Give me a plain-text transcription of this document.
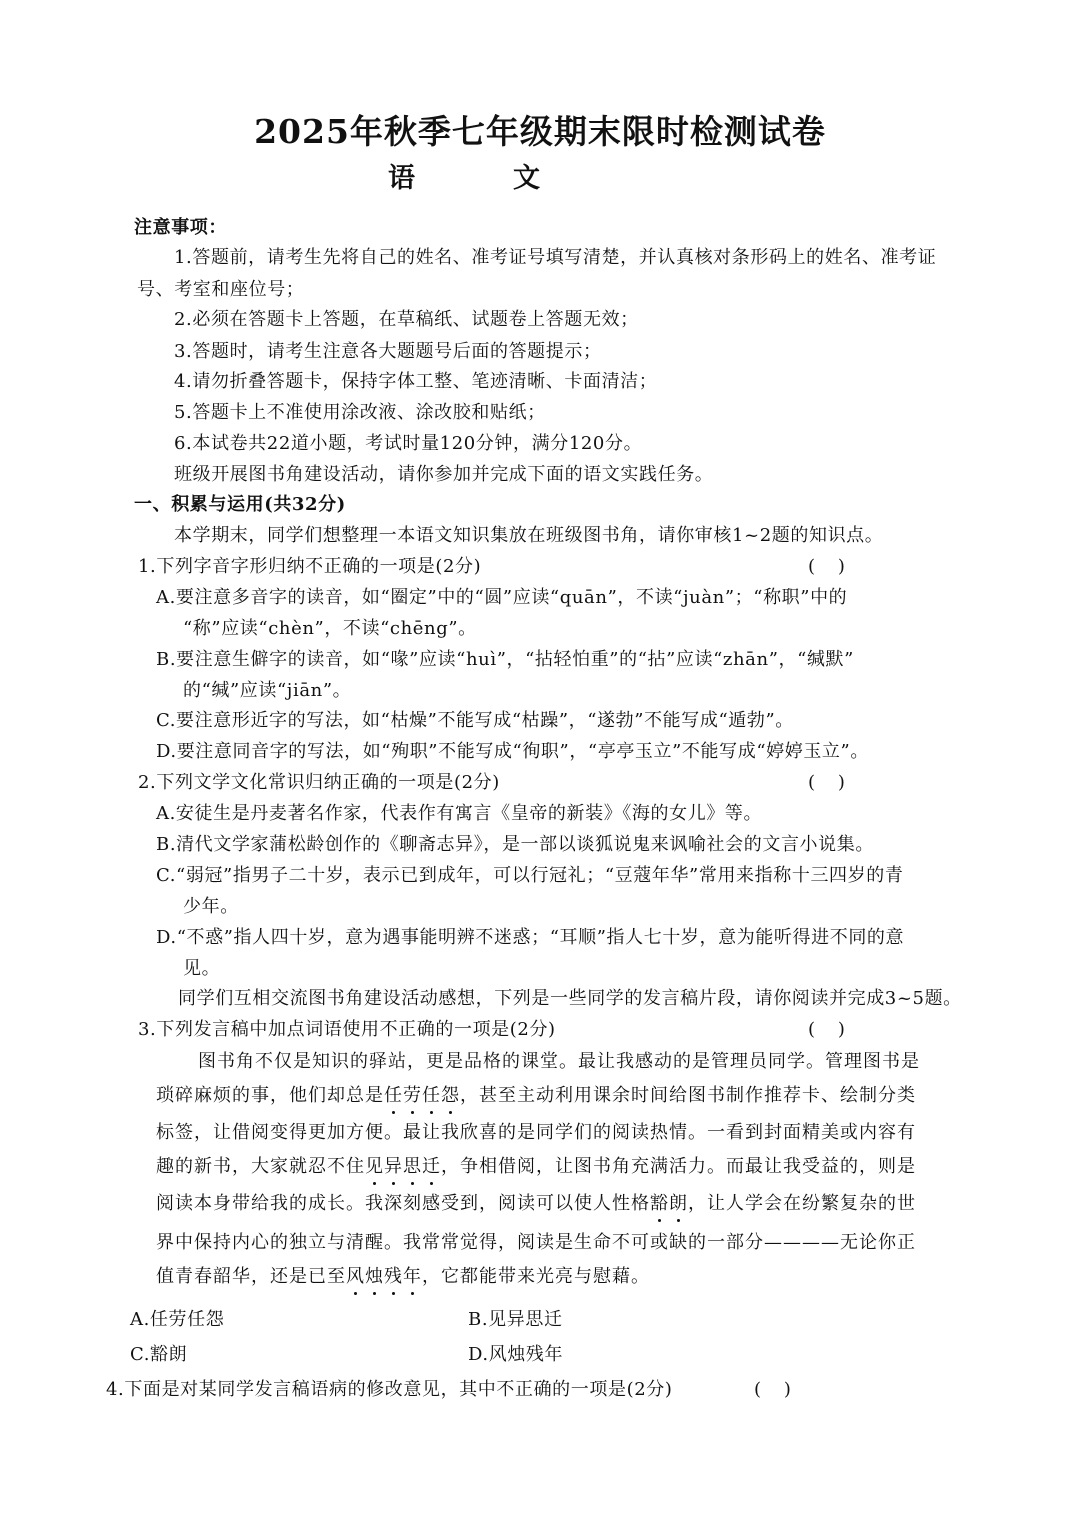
2025年秋季七年级期末限时检测试卷
语	文
注意事项：
1.答题前，请考生先将自己的姓名、准考证号填写清楚，并认真核对条形码上的姓名、准考证
号、考室和座位号；
2.必须在答题卡上答题，在草稿纸、试题卷上答题无效；
3.答题时，请考生注意各大题题号后面的答题提示；
4.请勿折叠答题卡，保持字体工整、笔迹清晰、卡面清洁；
5.答题卡上不准使用涂改液、涂改胶和贴纸；
6.本试卷共22道小题，考试时量120分钟，满分120分。
班级开展图书角建设活动，请你参加并完成下面的语文实践任务。
一、积累与运用(共32分)
本学期末，同学们想整理一本语文知识集放在班级图书角，请你审核1~2题的知识点。
1.下列字音字形归纳不正确的一项是(2分)	(    )
A.要注意多音字的读音，如“圈定”中的“圆”应读“quān”，不读“juàn”；“称职”中的
“称”应读“chèn”，不读“chēng”。
B.要注意生僻字的读音，如“喙”应读“huì”，“拈轻怕重”的“拈”应读“zhān”，“缄默”
的“缄”应读“jiān”。
C.要注意形近字的写法，如“枯燥”不能写成“枯躁”，“遂勃”不能写成“遁勃”。
D.要注意同音字的写法，如“殉职”不能写成“徇职”，“亭亭玉立”不能写成“婷婷玉立”。
2.下列文学文化常识归纳正确的一项是(2分)	(    )
A.安徒生是丹麦著名作家，代表作有寓言《皇帝的新装》《海的女儿》等。
B.清代文学家蒲松龄创作的《聊斋志异》，是一部以谈狐说鬼来讽喻社会的文言小说集。
C.“弱冠”指男子二十岁，表示已到成年，可以行冠礼；“豆蔻年华”常用来指称十三四岁的青
少年。
D.“不惑”指人四十岁，意为遇事能明辨不迷惑；“耳顺”指人七十岁，意为能听得进不同的意
见。
同学们互相交流图书角建设活动感想，下列是一些同学的发言稿片段，请你阅读并完成3~5题。
3.下列发言稿中加点词语使用不正确的一项是(2分)	(    )
图书角不仅是知识的驿站，更是品格的课堂。最让我感动的是管理员同学。管理图书是
琐碎麻烦的事，他们却总是任劳任怨，甚至主动利用课余时间给图书制作推荐卡、绘制分类
标签，让借阅变得更加方便。最让我欣喜的是同学们的阅读热情。一看到封面精美或内容有
趣的新书，大家就忍不住见异思迁，争相借阅，让图书角充满活力。而最让我受益的，则是
阅读本身带给我的成长。我深刻感受到，阅读可以使人性格豁朗，让人学会在纷繁复杂的世
界中保持内心的独立与清醒。我常常觉得，阅读是生命不可或缺的一部分————无论你正
值青春韶华，还是已至风烛残年，它都能带来光亮与慰藉。
A.任劳任怨	B.见异思迁
C.豁朗	D.风烛残年
4.下面是对某同学发言稿语病的修改意见，其中不正确的一项是(2分)	(    )
